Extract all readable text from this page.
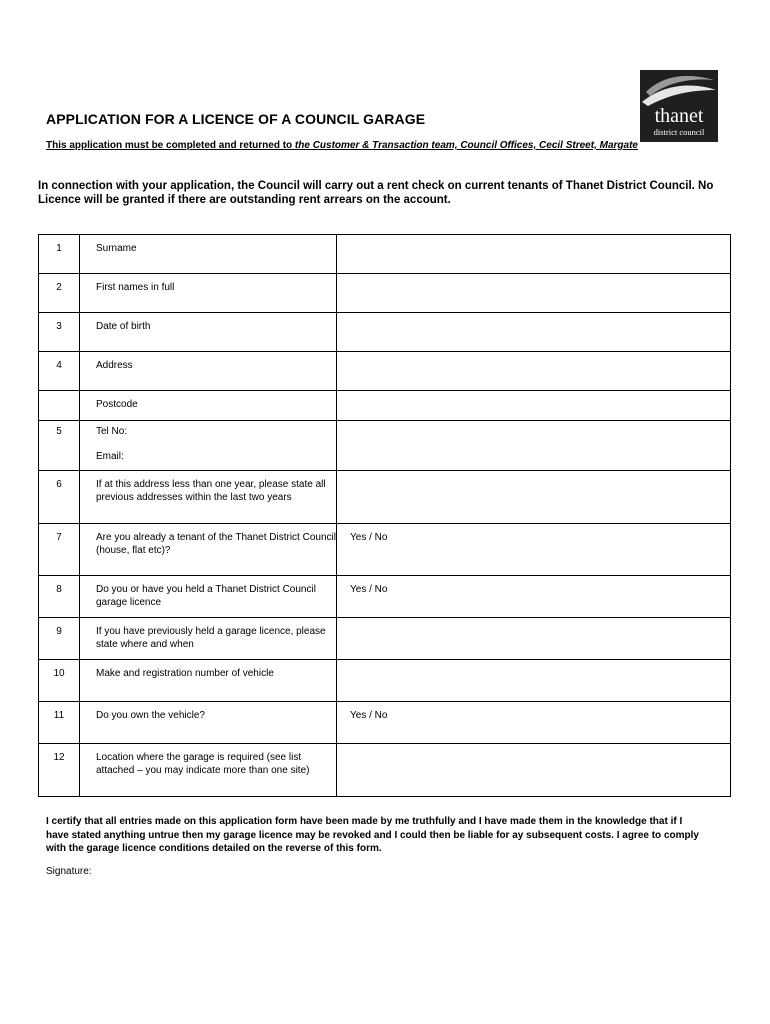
thanet
district council
APPLICATION FOR A LICENCE OF A COUNCIL GARAGE
This application must be completed and returned to the Customer & Transaction team, Council Offices, Cecil Street, Margate
In connection with your application, the Council will carry out a rent check on current tenants of Thanet District Council. No Licence will be granted if there are outstanding rent arrears on the account.
1	Surname	

2	First names in full	

3	Date of birth	

4	Address	

	Postcode	

5	Tel No:
Email:	

6	If at this address less than one year, please state all previous addresses within the last two years	

7	Are you already a tenant of the Thanet District Council (house, flat etc)?	Yes / No

8	Do you or have you held a Thanet District Council garage licence	Yes / No

9	If you have previously held a garage licence, please state where and when	

10	Make and registration number of vehicle	

11	Do you own the vehicle?	Yes / No

12	Location where the garage is required (see list attached – you may indicate more than one site)	

I certify that all entries made on this application form have been made by me truthfully and I have made them in the knowledge that if I have stated anything untrue then my garage licence may be revoked and I could then be liable for ay subsequent costs. I agree to comply with the garage licence conditions detailed on the reverse of this form.
Signature:
